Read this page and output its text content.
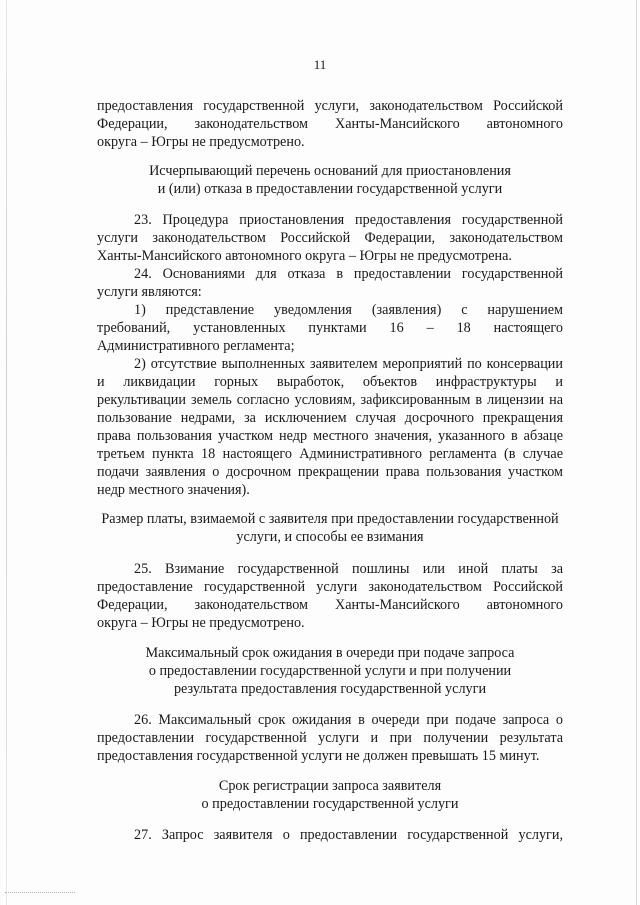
11
предоставления государственной услуги, законодательством Российской
Федерации, законодательством Ханты-Мансийского автономного
округа – Югры не предусмотрено.
Исчерпывающий перечень оснований для приостановления
и (или) отказа в предоставлении государственной услуги
23. Процедура приостановления предоставления государственной
услуги законодательством Российской Федерации, законодательством
Ханты-Мансийского автономного округа – Югры не предусмотрена.
24. Основаниями для отказа в предоставлении государственной
услуги являются:
1) представление уведомления (заявления) с нарушением
требований, установленных пунктами 16 – 18 настоящего
Административного регламента;
2) отсутствие выполненных заявителем мероприятий по консервации
и ликвидации горных выработок, объектов инфраструктуры и
рекультивации земель согласно условиям, зафиксированным в лицензии на
пользование недрами, за исключением случая досрочного прекращения
права пользования участком недр местного значения, указанного в абзаце
третьем пункта 18 настоящего Административного регламента (в случае
подачи заявления о досрочном прекращении права пользования участком
недр местного значения).
Размер платы, взимаемой с заявителя при предоставлении государственной
услуги, и способы ее взимания
25. Взимание государственной пошлины или иной платы за
предоставление государственной услуги законодательством Российской
Федерации, законодательством Ханты-Мансийского автономного
округа – Югры не предусмотрено.
Максимальный срок ожидания в очереди при подаче запроса
о предоставлении государственной услуги и при получении
результата предоставления государственной услуги
26. Максимальный срок ожидания в очереди при подаче запроса о
предоставлении государственной услуги и при получении результата
предоставления государственной услуги не должен превышать 15 минут.
Срок регистрации запроса заявителя
о предоставлении государственной услуги
27. Запрос заявителя о предоставлении государственной услуги,
